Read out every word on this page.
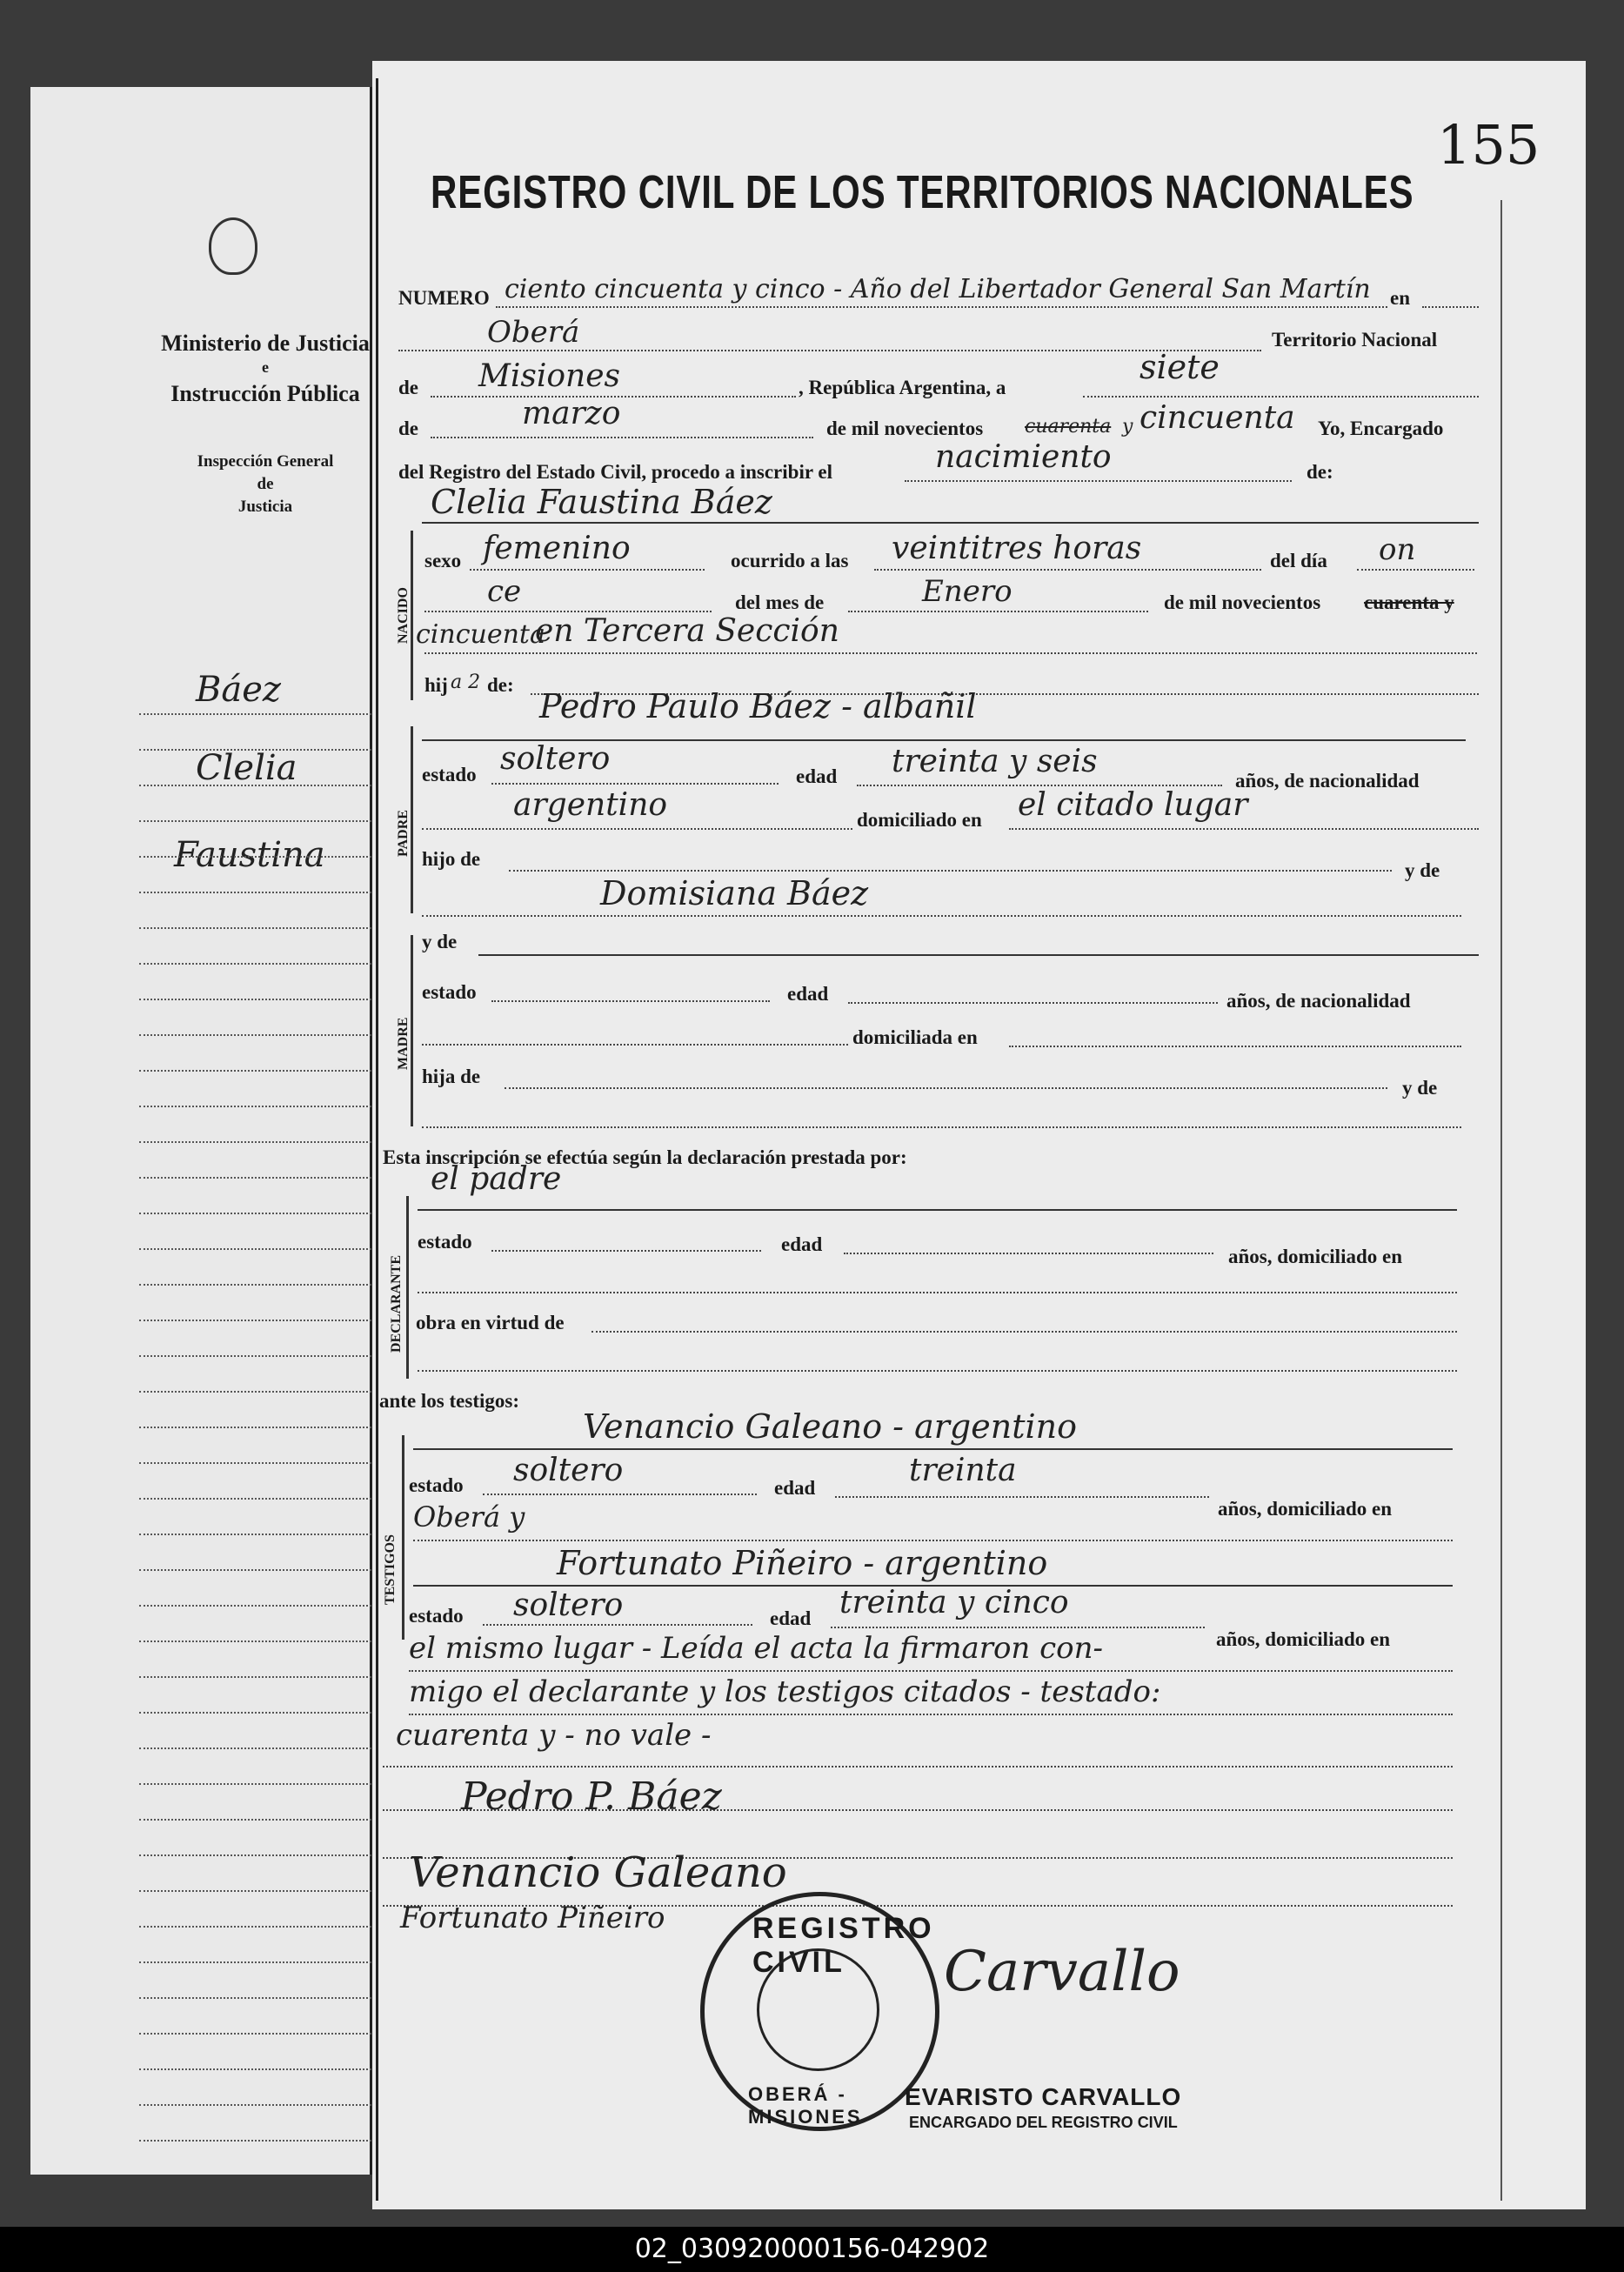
Ministerio de Justicia
e
Instrucción Pública
Inspección General
de
Justicia
Báez
Clelia
Faustina
155
REGISTRO CIVIL DE LOS TERRITORIOS NACIONALES
NUMERO ciento cincuenta y cinco - Año del Libertador General San Martín en
Oberá	Territorio Nacional
de Misiones	, República Argentina, a
siete
de	marzo	de mil novecientos cuarenta y cincuenta Yo, Encargado
del Registro del Estado Civil, procedo a inscribir el	nacimiento	de:
NACIDO
Clelia Faustina Báez
sexo femenino	ocurrido a las veintitres horas	del día on
ce	del mes de	Enero	de mil novecientos cuarenta y
cincuenta
en Tercera Sección
hij a 2 de:
Pedro Paulo Báez - albañil
PADRE
estado soltero	edad treinta y seis
años, de nacionalidad
argentino	domiciliado en el citado lugar
hijo de
y de
Domisiana Báez
MADRE
y de
estado	edad	años, de nacionalidad
domiciliada en
hija de
y de
Esta inscripción se efectúa según la declaración prestada por:
el padre
DECLARANTE
estado	edad
años, domiciliado en
obra en virtud de
ante los testigos:
Venancio Galeano - argentino
TESTIGOS
estado soltero	edad	treinta
años, domiciliado en
Oberá y
Fortunato Piñeiro - argentino
estado soltero	edad treinta y cinco
años, domiciliado en
el mismo lugar - Leída el acta la firmaron con-
migo el declarante y los testigos citados - testado:
cuarenta y - no vale -
Pedro P. Báez
Venancio Galeano
Fortunato Piñeiro
Carvallo
REGISTRO CIVIL
OBERÁ - MISIONES
EVARISTO CARVALLO
ENCARGADO DEL REGISTRO CIVIL
02_030920000156-042902
